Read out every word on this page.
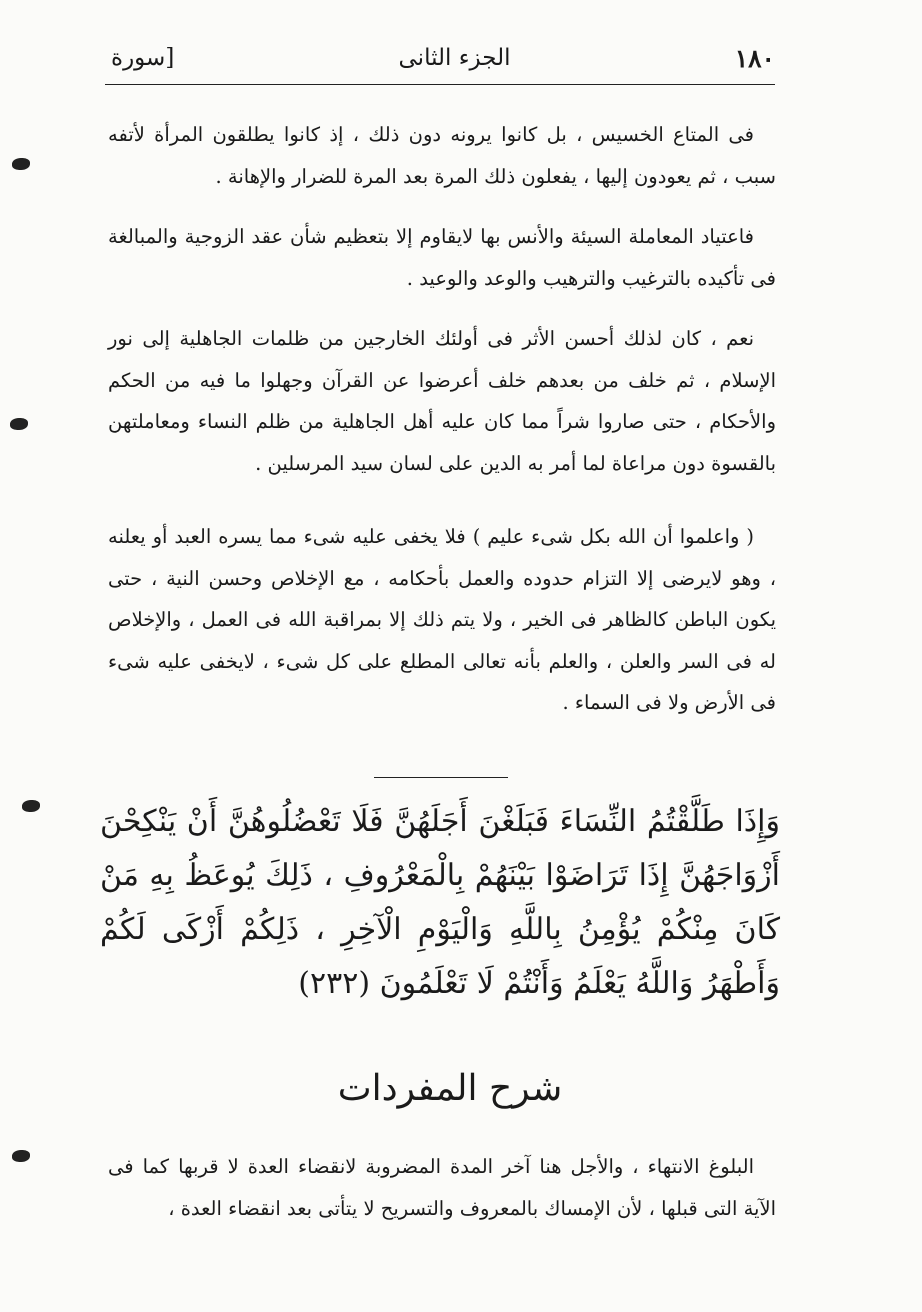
١٨٠
الجزء الثانى
[سورة

فى المتاع الخسيس ، بل كانوا يرونه دون ذلك ، إذ كانوا يطلقون المرأة لأتفه سبب ، ثم يعودون إليها ، يفعلون ذلك المرة بعد المرة للضرار والإهانة .

فاعتياد المعاملة السيئة والأنس بها لايقاوم إلا بتعظيم شأن عقد الزوجية والمبالغة فى تأكيده بالترغيب والترهيب والوعد والوعيد .

نعم ، كان لذلك أحسن الأثر فى أولئك الخارجين من ظلمات الجاهلية إلى نور الإسلام ، ثم خلف من بعدهم خلف أعرضوا عن القرآن وجهلوا ما فيه من الحكم والأحكام ، حتى صاروا شراً مما كان عليه أهل الجاهلية من ظلم النساء ومعاملتهن بالقسوة دون مراعاة لما أمر به الدين على لسان سيد المرسلين .

( واعلموا أن الله بكل شىء عليم ) فلا يخفى عليه شىء مما يسره العبد أو يعلنه ، وهو لايرضى إلا التزام حدوده والعمل بأحكامه ، مع الإخلاص وحسن النية ، حتى يكون الباطن كالظاهر فى الخير ، ولا يتم ذلك إلا بمراقبة الله فى العمل ، والإخلاص له فى السر والعلن ، والعلم بأنه تعالى المطلع على كل شىء ، لايخفى عليه شىء فى الأرض ولا فى السماء .

وَإِذَا طَلَّقْتُمُ النِّسَاءَ فَبَلَغْنَ أَجَلَهُنَّ فَلَا تَعْضُلُوهُنَّ أَنْ يَنْكِحْنَ أَزْوَاجَهُنَّ إِذَا تَرَاضَوْا بَيْنَهُمْ بِالْمَعْرُوفِ ، ذَلِكَ يُوعَظُ بِهِ مَنْ كَانَ مِنْكُمْ يُؤْمِنُ بِاللَّهِ وَالْيَوْمِ الْآخِرِ ، ذَلِكُمْ أَزْكَى لَكُمْ وَأَطْهَرُ وَاللَّهُ يَعْلَمُ وَأَنْتُمْ لَا تَعْلَمُونَ (٢٣٢)
شرح المفردات

البلوغ الانتهاء ، والأجل هنا آخر المدة المضروبة لانقضاء العدة لا قربها كما فى الآية التى قبلها ، لأن الإمساك بالمعروف والتسريح لا يتأتى بعد انقضاء العدة ،
